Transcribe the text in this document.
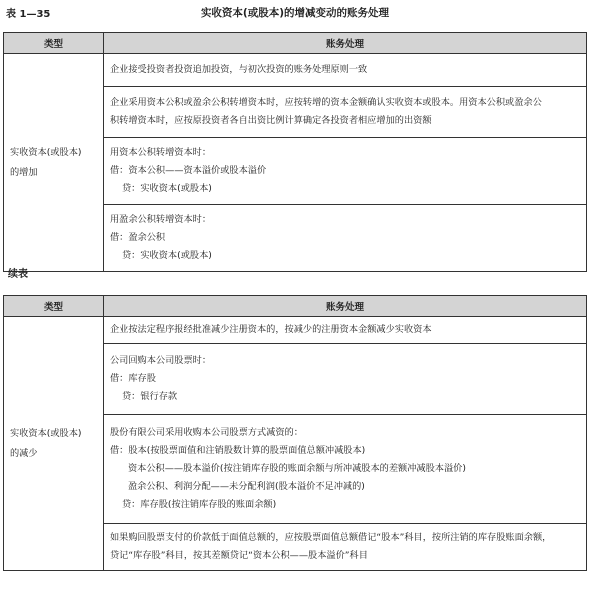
表 1—35	实收资本(或股本)的增减变动的账务处理
类型	账务处理

实收资本(或股本)
的增加	企业接受投资者投资追加投资，与初次投资的账务处理原则一致

	企业采用资本公积或盈余公积转增资本时，应按转增的资本金额确认实收资本或股本。用资本公积或盈余公
积转增资本时，应按原投资者各自出资比例计算确定各投资者相应增加的出资额

	用资本公积转增资本时：
借：资本公积——资本溢价或股本溢价
贷：实收资本(或股本)

	用盈余公积转增资本时：
借：盈余公积
贷：实收资本(或股本)
续表
类型	账务处理

实收资本(或股本)
的减少	企业按法定程序报经批准减少注册资本的，按减少的注册资本金额减少实收资本

	公司回购本公司股票时：
借：库存股
贷：银行存款

	股份有限公司采用收购本公司股票方式减资的：
借：股本(按股票面值和注销股数计算的股票面值总额冲减股本)
资本公积——股本溢价(按注销库存股的账面余额与所冲减股本的差额冲减股本溢价)
盈余公积、利润分配——未分配利润(股本溢价不足冲减的)
贷：库存股(按注销库存股的账面余额)

	如果购回股票支付的价款低于面值总额的，应按股票面值总额借记“股本”科目，按所注销的库存股账面余额，
贷记“库存股”科目，按其差额贷记“资本公积——股本溢价”科目
